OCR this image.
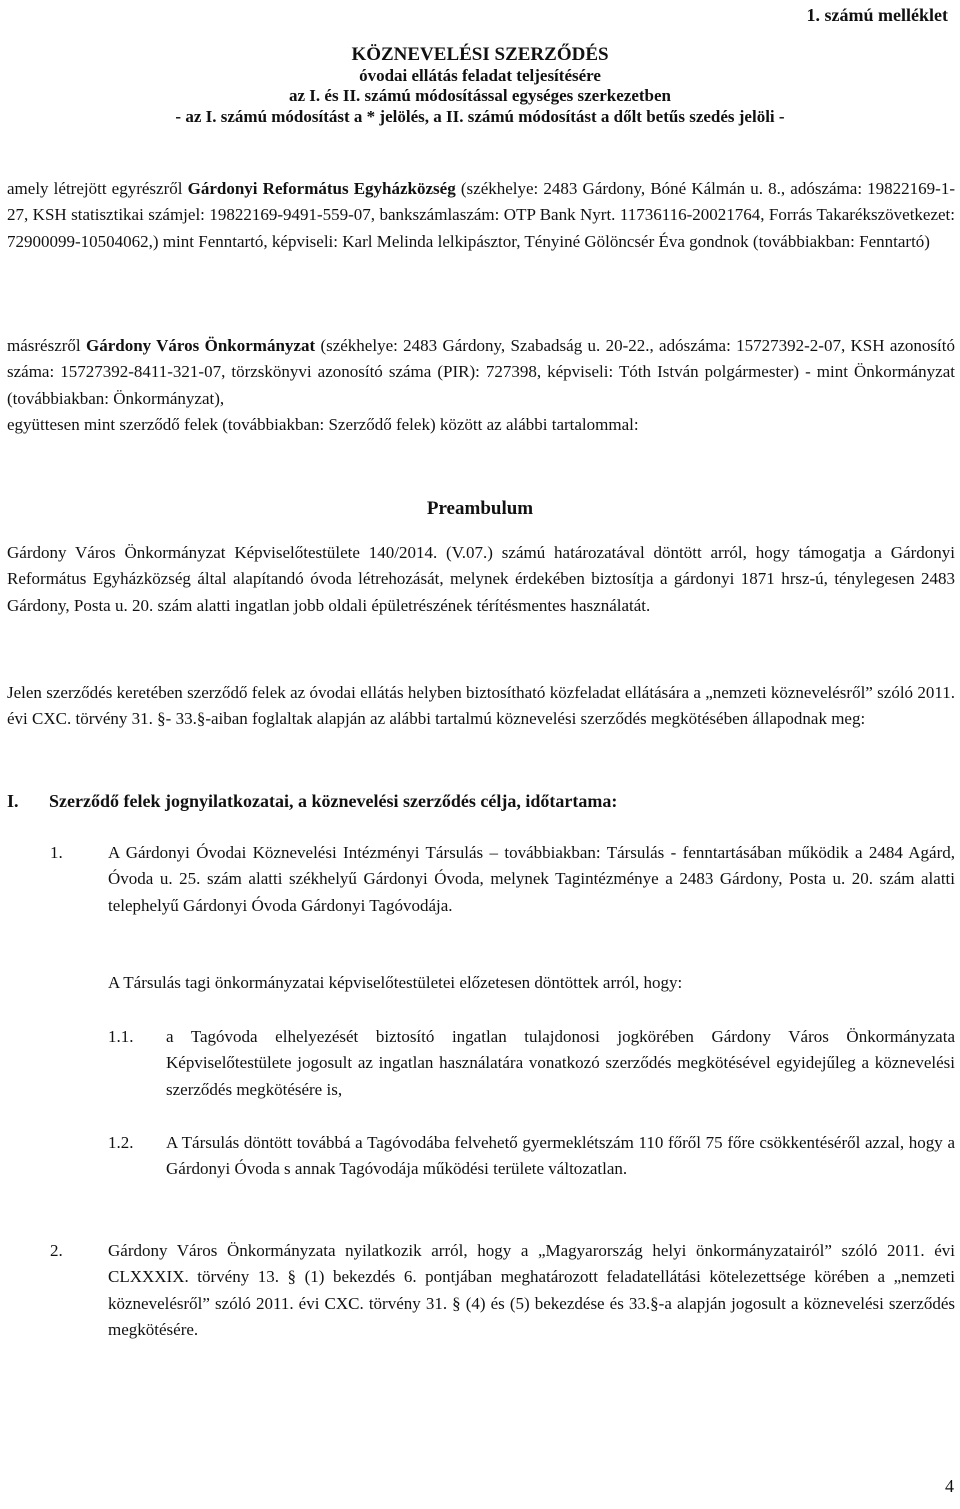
1. számú melléklet
KÖZNEVELÉSI SZERZŐDÉS
óvodai ellátás feladat teljesítésére
az I. és II. számú módosítással egységes szerkezetben
- az I. számú módosítást a * jelölés, a II. számú módosítást a dőlt betűs szedés jelöli -
amely létrejött egyrészről Gárdonyi Református Egyházközség (székhelye: 2483 Gárdony, Bóné Kálmán u. 8., adószáma: 19822169-1-27, KSH statisztikai számjel: 19822169-9491-559-07, bankszámlaszám: OTP Bank Nyrt. 11736116-20021764, Forrás Takarékszövetkezet: 72900099-10504062,) mint Fenntartó, képviseli: Karl Melinda lelkipásztor, Tényiné Gölöncsér Éva gondnok (továbbiakban: Fenntartó)
másrészről Gárdony Város Önkormányzat (székhelye: 2483 Gárdony, Szabadság u. 20-22., adószáma: 15727392-2-07, KSH azonosító száma: 15727392-8411-321-07, törzskönyvi azonosító száma (PIR): 727398, képviseli: Tóth István polgármester) - mint Önkormányzat (továbbiakban: Önkormányzat),
együttesen mint szerződő felek (továbbiakban: Szerződő felek) között az alábbi tartalommal:
Preambulum
Gárdony Város Önkormányzat Képviselőtestülete 140/2014. (V.07.) számú határozatával döntött arról, hogy támogatja a Gárdonyi Református Egyházközség által alapítandó óvoda létrehozását, melynek érdekében biztosítja a gárdonyi 1871 hrsz-ú, ténylegesen 2483 Gárdony, Posta u. 20. szám alatti ingatlan jobb oldali épületrészének térítésmentes használatát.
Jelen szerződés keretében szerződő felek az óvodai ellátás helyben biztosítható közfeladat ellátására a „nemzeti köznevelésről” szóló 2011. évi CXC. törvény 31. §- 33.§-aiban foglaltak alapján az alábbi tartalmú köznevelési szerződés megkötésében állapodnak meg:
I. Szerződő felek jognyilatkozatai, a köznevelési szerződés célja, időtartama:
1.	A Gárdonyi Óvodai Köznevelési Intézményi Társulás – továbbiakban: Társulás - fenntartásában működik a 2484 Agárd, Óvoda u. 25. szám alatti székhelyű Gárdonyi Óvoda, melynek Tagintézménye a 2483 Gárdony, Posta u. 20. szám alatti telephelyű Gárdonyi Óvoda Gárdonyi Tagóvodája.
A Társulás tagi önkormányzatai képviselőtestületei előzetesen döntöttek arról, hogy:
1.1. a Tagóvoda elhelyezését biztosító ingatlan tulajdonosi jogkörében Gárdony Város Önkormányzata Képviselőtestülete jogosult az ingatlan használatára vonatkozó szerződés megkötésével egyidejűleg a köznevelési szerződés megkötésére is,
1.2. A Társulás döntött továbbá a Tagóvodába felvehető gyermeklétszám 110 főről 75 főre csökkentéséről azzal, hogy a Gárdonyi Óvoda s annak Tagóvodája működési területe változatlan.
2.	Gárdony Város Önkormányzata nyilatkozik arról, hogy a „Magyarország helyi önkormányzatairól” szóló 2011. évi CLXXXIX. törvény 13. § (1) bekezdés 6. pontjában meghatározott feladatellátási kötelezettsége körében a „nemzeti köznevelésről” szóló 2011. évi CXC. törvény 31. § (4) és (5) bekezdése és 33.§-a alapján jogosult a köznevelési szerződés megkötésére.
4
